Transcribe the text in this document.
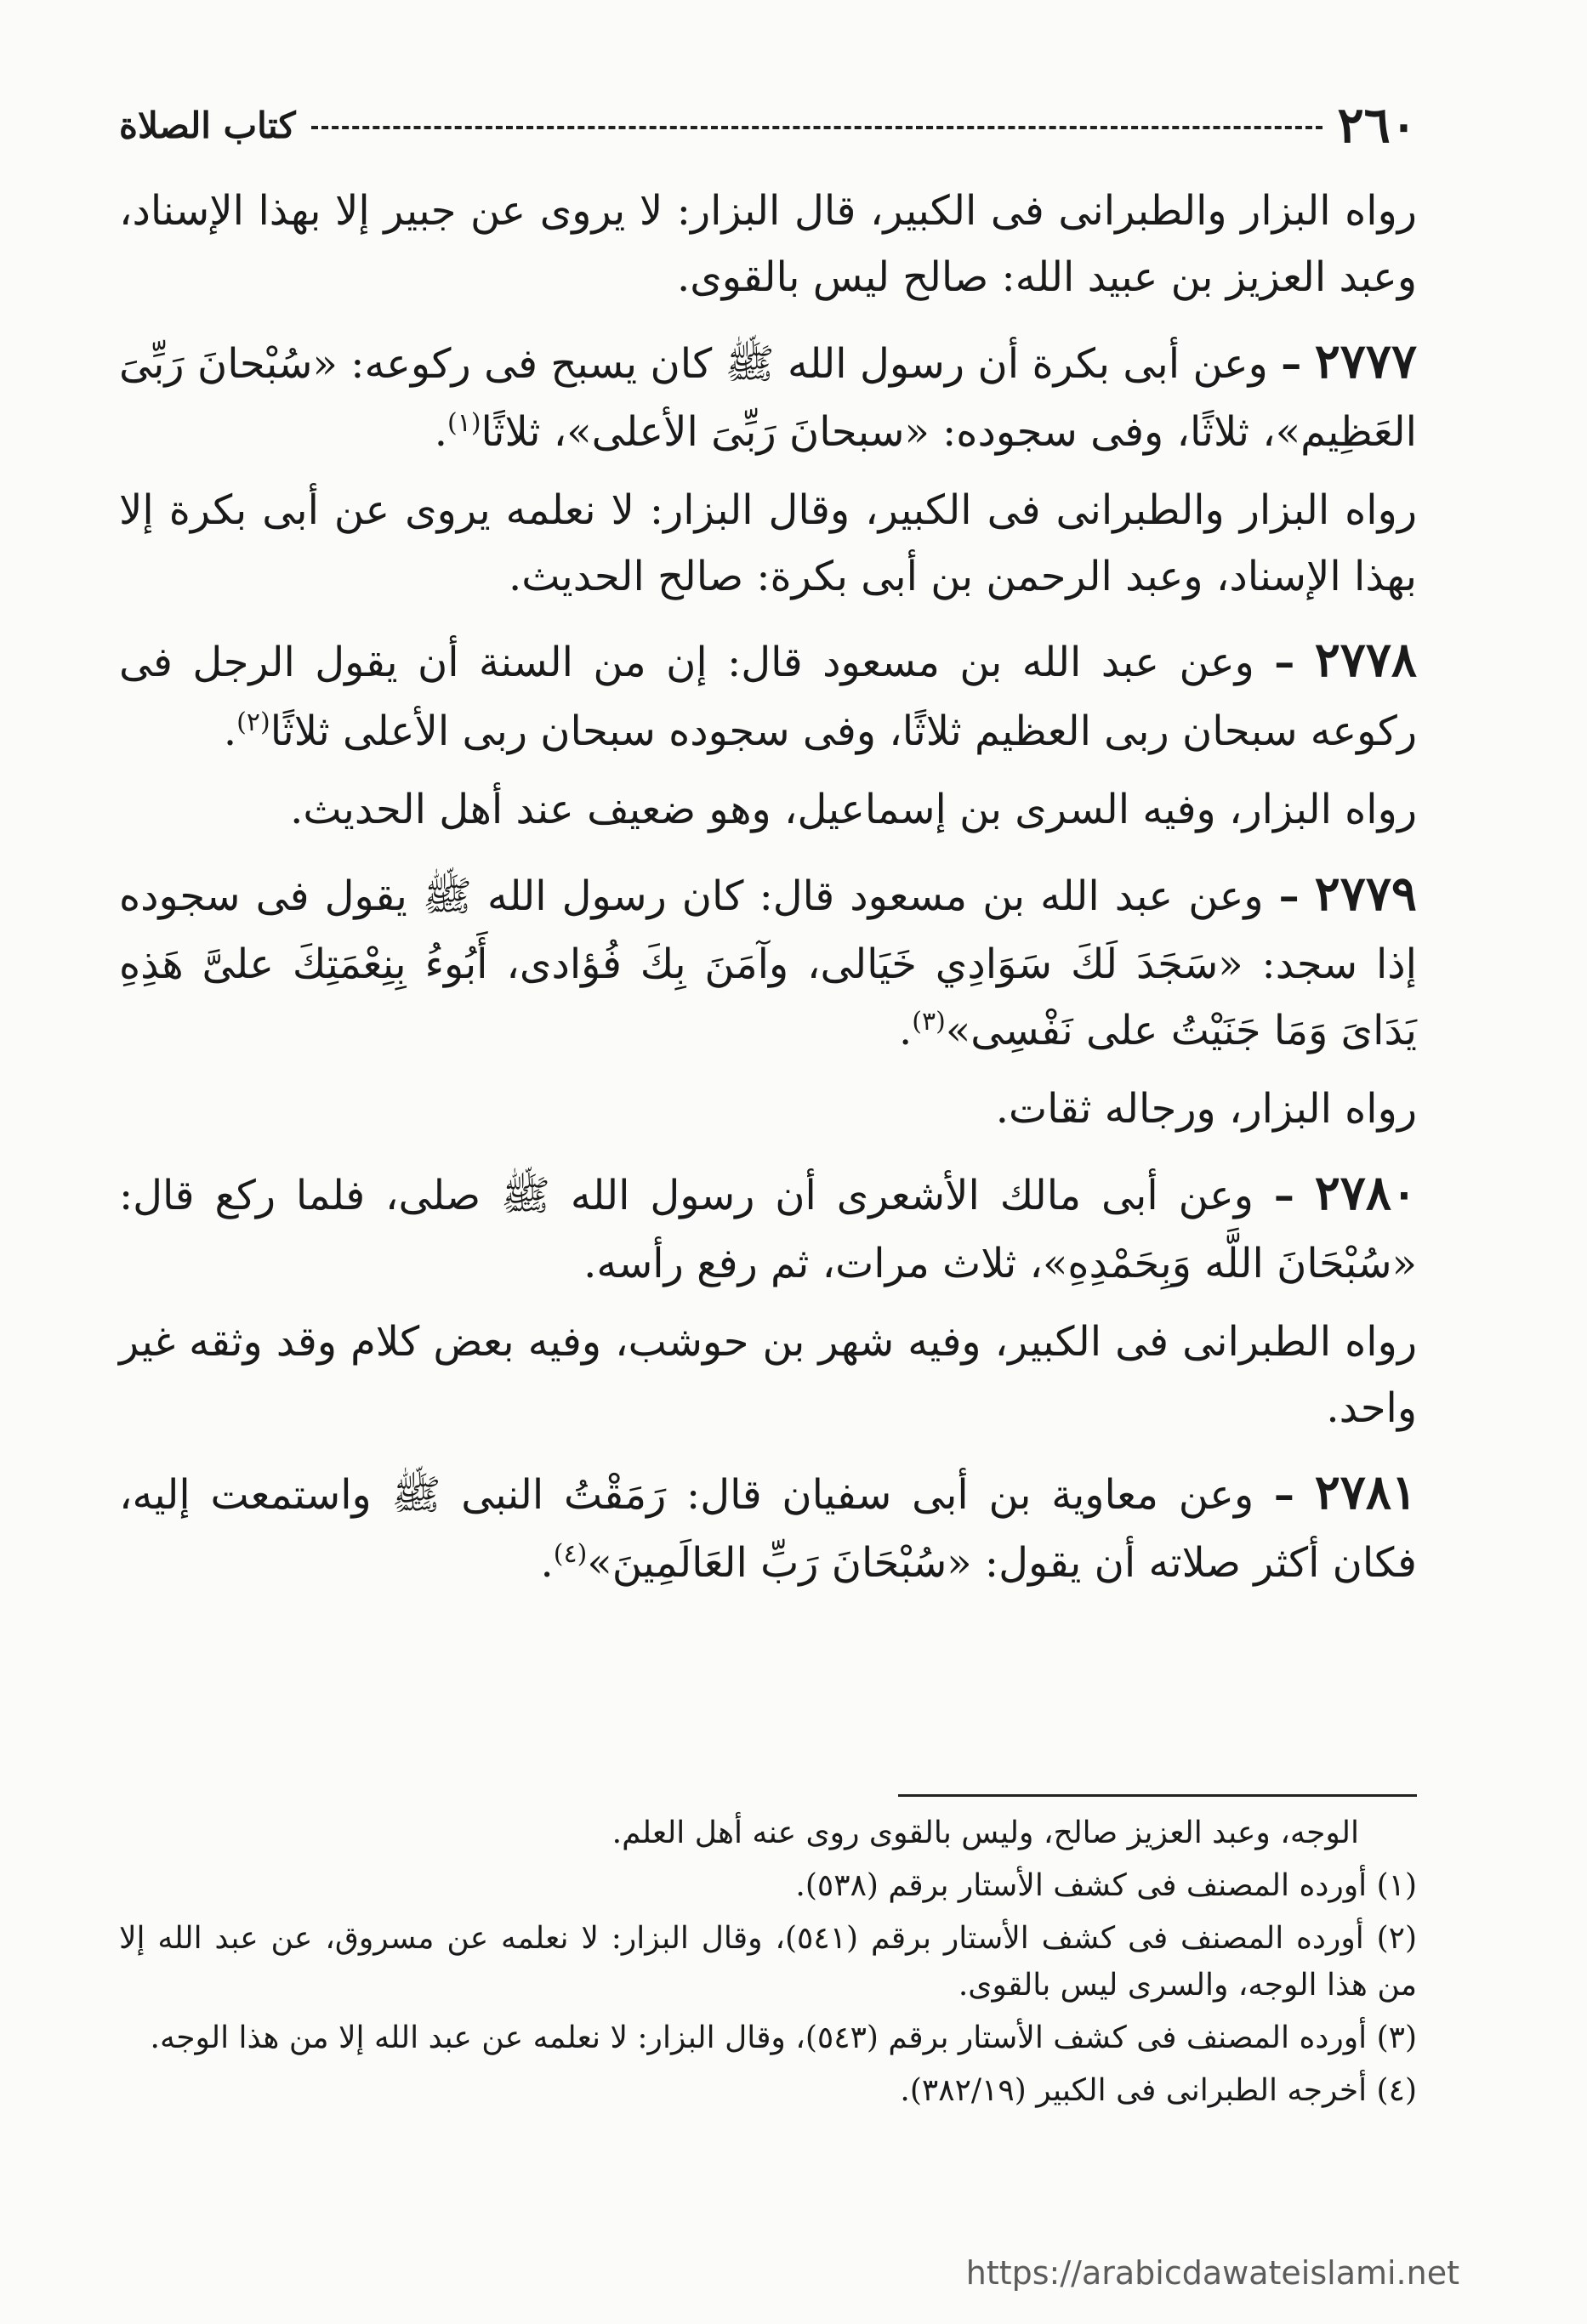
٢٦٠
كتاب الصلاة

رواه البزار والطبرانى فى الكبير، قال البزار: لا يروى عن جبير إلا بهذا الإسناد، وعبد العزيز بن عبيد الله: صالح ليس بالقوى.

٢٧٧٧ – وعن أبى بكرة أن رسول الله ﷺ كان يسبح فى ركوعه: «سُبْحانَ رَبِّىَ العَظِيم»، ثلاثًا، وفى سجوده: «سبحانَ رَبِّىَ الأعلى»، ثلاثًا$^{(١)}$.

رواه البزار والطبرانى فى الكبير، وقال البزار: لا نعلمه يروى عن أبى بكرة إلا بهذا الإسناد، وعبد الرحمن بن أبى بكرة: صالح الحديث.

٢٧٧٨ – وعن عبد الله بن مسعود قال: إن من السنة أن يقول الرجل فى ركوعه سبحان ربى العظيم ثلاثًا، وفى سجوده سبحان ربى الأعلى ثلاثًا$^{(٢)}$.

رواه البزار، وفيه السرى بن إسماعيل، وهو ضعيف عند أهل الحديث.

٢٧٧٩ – وعن عبد الله بن مسعود قال: كان رسول الله ﷺ يقول فى سجوده إذا سجد: «سَجَدَ لَكَ سَوَادِي خَيَالى، وآمَنَ بِكَ فُؤادى، أَبُوءُ بِنِعْمَتِكَ علىَّ هَذِهِ يَدَاىَ وَمَا جَنَيْتُ على نَفْسِى»$^{(٣)}$.

رواه البزار، ورجاله ثقات.

٢٧٨٠ – وعن أبى مالك الأشعرى أن رسول الله ﷺ صلى، فلما ركع قال: «سُبْحَانَ اللَّه وَبِحَمْدِهِ»، ثلاث مرات، ثم رفع رأسه.

رواه الطبرانى فى الكبير، وفيه شهر بن حوشب، وفيه بعض كلام وقد وثقه غير واحد.

٢٧٨١ – وعن معاوية بن أبى سفيان قال: رَمَقْتُ النبى ﷺ واستمعت إليه، فكان أكثر صلاته أن يقول: «سُبْحَانَ رَبِّ العَالَمِينَ»$^{(٤)}$.

الوجه، وعبد العزيز صالح، وليس بالقوى روى عنه أهل العلم.

(١) أورده المصنف فى كشف الأستار برقم (٥٣٨).

(٢) أورده المصنف فى كشف الأستار برقم (٥٤١)، وقال البزار: لا نعلمه عن مسروق، عن عبد الله إلا من هذا الوجه، والسرى ليس بالقوى.

(٣) أورده المصنف فى كشف الأستار برقم (٥٤٣)، وقال البزار: لا نعلمه عن عبد الله إلا من هذا الوجه.

(٤) أخرجه الطبرانى فى الكبير (٣٨٢/١٩).

https://arabicdawateislami.net
